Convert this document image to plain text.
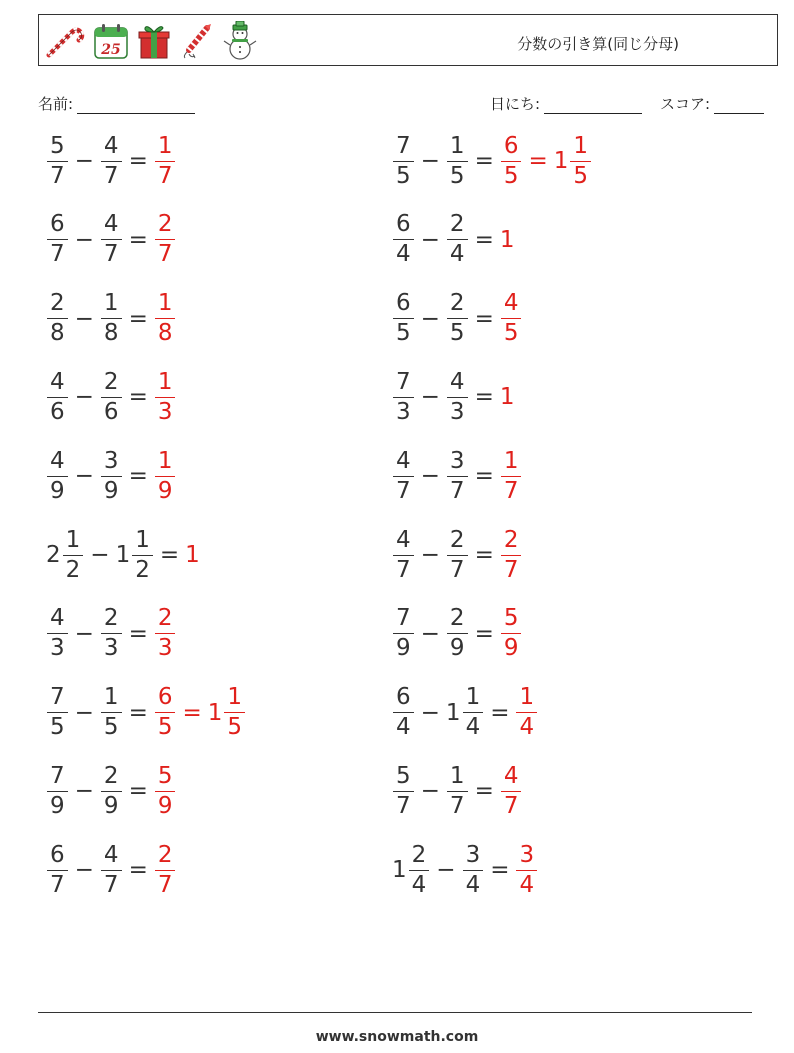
25	分数の引き算(同じ分母)
名前:	日にち:	スコア:
$\frac{5}{7} - \frac{4}{7} = \frac{1}{7}$
$\frac{6}{7} - \frac{4}{7} = \frac{2}{7}$
$\frac{2}{8} - \frac{1}{8} = \frac{1}{8}$
$\frac{4}{6} - \frac{2}{6} = \frac{1}{3}$
$\frac{4}{9} - \frac{3}{9} = \frac{1}{9}$
$2 \frac{1}{2} - 1 \frac{1}{2} = 1$
$\frac{4}{3} - \frac{2}{3} = \frac{2}{3}$
$\frac{7}{5} - \frac{1}{5} = \frac{6}{5} = 1 \frac{1}{5}$
$\frac{7}{9} - \frac{2}{9} = \frac{5}{9}$
$\frac{6}{7} - \frac{4}{7} = \frac{2}{7}$
$\frac{7}{5} - \frac{1}{5} = \frac{6}{5} = 1 \frac{1}{5}$
$\frac{6}{4} - \frac{2}{4} = 1$
$\frac{6}{5} - \frac{2}{5} = \frac{4}{5}$
$\frac{7}{3} - \frac{4}{3} = 1$
$\frac{4}{7} - \frac{3}{7} = \frac{1}{7}$
$\frac{4}{7} - \frac{2}{7} = \frac{2}{7}$
$\frac{7}{9} - \frac{2}{9} = \frac{5}{9}$
$\frac{6}{4} - 1 \frac{1}{4} = \frac{1}{4}$
$\frac{5}{7} - \frac{1}{7} = \frac{4}{7}$
$1 \frac{2}{4} - \frac{3}{4} = \frac{3}{4}$
www.snowmath.com
